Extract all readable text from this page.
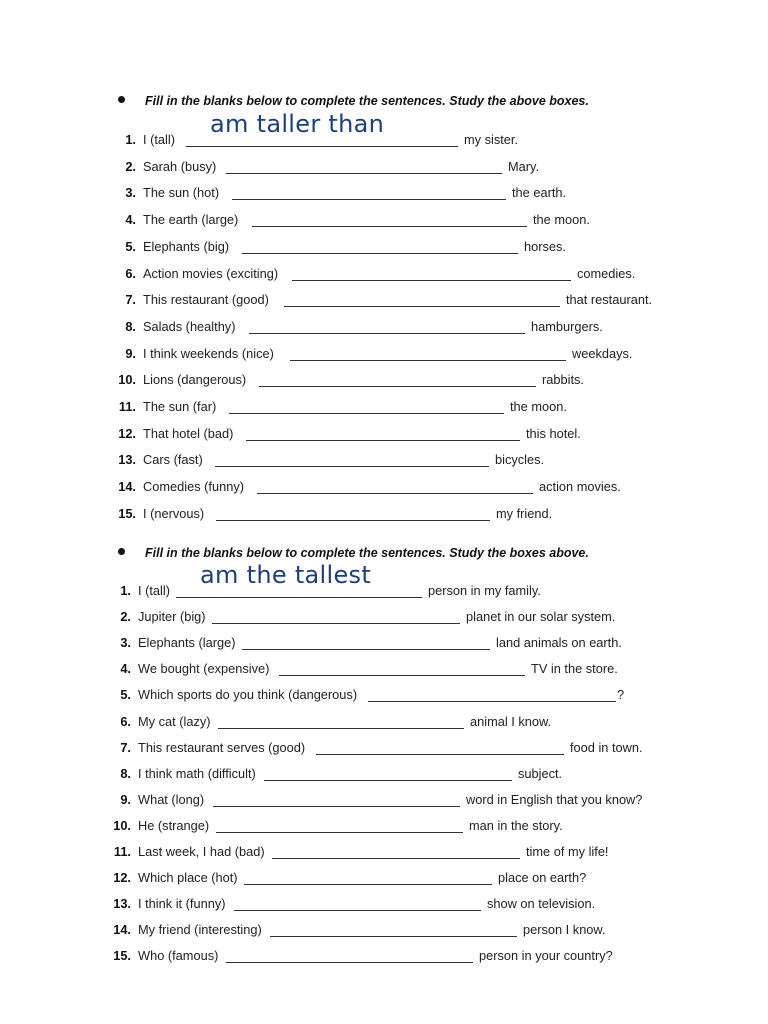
Fill in the blanks below to complete the sentences. Study the above boxes.
1. I (tall)
am taller than
my sister.
2. Sarah (busy)	Mary.
3. The sun (hot)	the earth.
4. The earth (large)	the moon.
5. Elephants (big)	horses.
6. Action movies (exciting)	comedies.
7. This restaurant (good)	that restaurant.
8. Salads (healthy)	hamburgers.
9. I think weekends (nice)	weekdays.
10. Lions (dangerous)	rabbits.
11. The sun (far)	the moon.
12. That hotel (bad)	this hotel.
13. Cars (fast)	bicycles.
14. Comedies (funny)	action movies.
15. I (nervous)	my friend.
Fill in the blanks below to complete the sentences. Study the boxes above.
1. I (tall)
am the tallest
person in my family.
2. Jupiter (big)	planet in our solar system.
3. Elephants (large)	land animals on earth.
4. We bought (expensive)	TV in the store.
5. Which sports do you think (dangerous)	?
6. My cat (lazy)	animal I know.
7. This restaurant serves (good)	food in town.
8. I think math (difficult)	subject.
9. What (long)	word in English that you know?
10. He (strange)	man in the story.
11. Last week, I had (bad)	time of my life!
12. Which place (hot)	place on earth?
13. I think it (funny)	show on television.
14. My friend (interesting)	person I know.
15. Who (famous)	person in your country?
